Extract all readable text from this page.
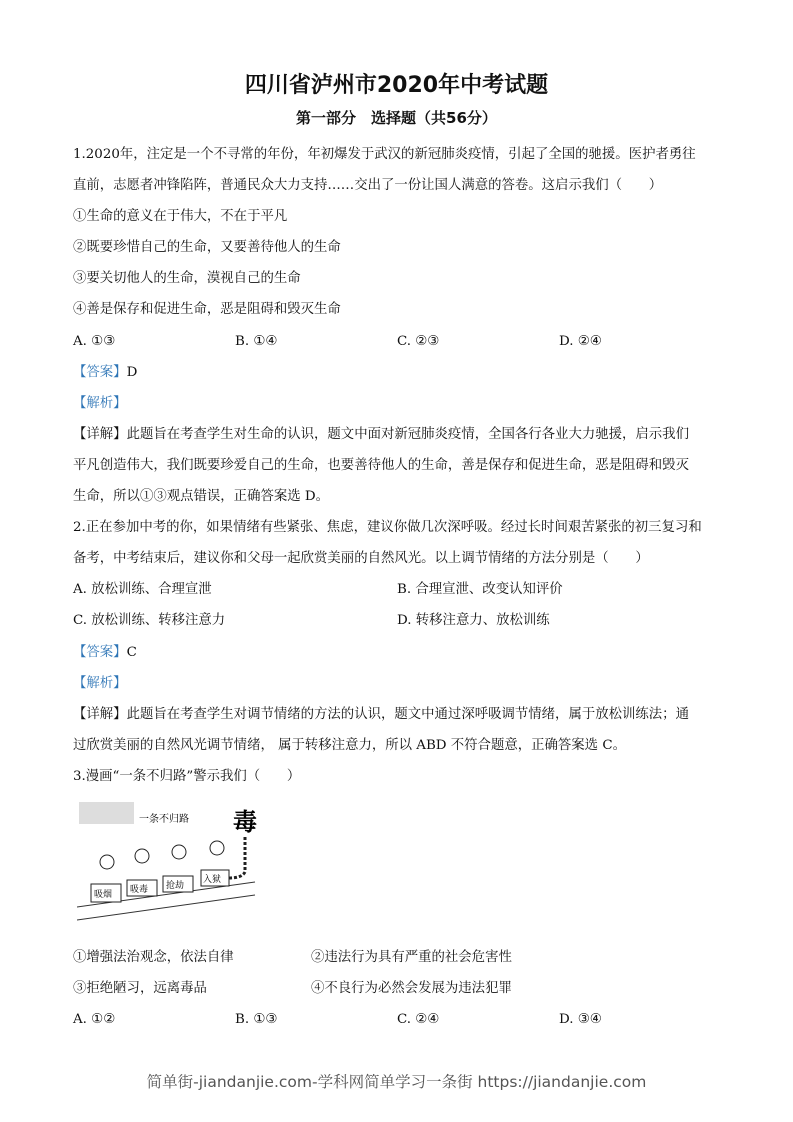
四川省泸州市2020年中考试题
第一部分　选择题（共56分）
1.2020年，注定是一个不寻常的年份，年初爆发于武汉的新冠肺炎疫情，引起了全国的驰援。医护者勇往
直前，志愿者冲锋陷阵，普通民众大力支持……交出了一份让国人满意的答卷。这启示我们（　　）
①生命的意义在于伟大，不在于平凡
②既要珍惜自己的生命，又要善待他人的生命
③要关切他人的生命，漠视自己的生命
④善是保存和促进生命，恶是阻碍和毁灭生命
A. ①③	B. ①④	C. ②③	D. ②④
【答案】D
【解析】
【详解】此题旨在考查学生对生命的认识，题文中面对新冠肺炎疫情，全国各行各业大力驰援，启示我们
平凡创造伟大，我们既要珍爱自己的生命，也要善待他人的生命，善是保存和促进生命，恶是阻碍和毁灭
生命，所以①③观点错误，正确答案选 D。
2.正在参加中考的你，如果情绪有些紧张、焦虑，建议你做几次深呼吸。经过长时间艰苦紧张的初三复习和
备考，中考结束后，建议你和父母一起欣赏美丽的自然风光。以上调节情绪的方法分别是（　　）
A. 放松训练、合理宣泄	B. 合理宣泄、改变认知评价
C. 放松训练、转移注意力	D. 转移注意力、放松训练
【答案】C
【解析】
【详解】此题旨在考查学生对调节情绪的方法的认识，题文中通过深呼吸调节情绪，属于放松训练法；通
过欣赏美丽的自然风光调节情绪， 属于转移注意力，所以 ABD 不符合题意，正确答案选 C。
3.漫画“一条不归路”警示我们（　　）
一条不归路
吸烟 吸毒 抢劫
入狱
毒
①增强法治观念，依法自律	②违法行为具有严重的社会危害性
③拒绝陋习，远离毒品	④不良行为必然会发展为违法犯罪
A. ①②	B. ①③	C. ②④	D. ③④
简单街-jiandanjie.com-学科网简单学习一条街 https://jiandanjie.com
